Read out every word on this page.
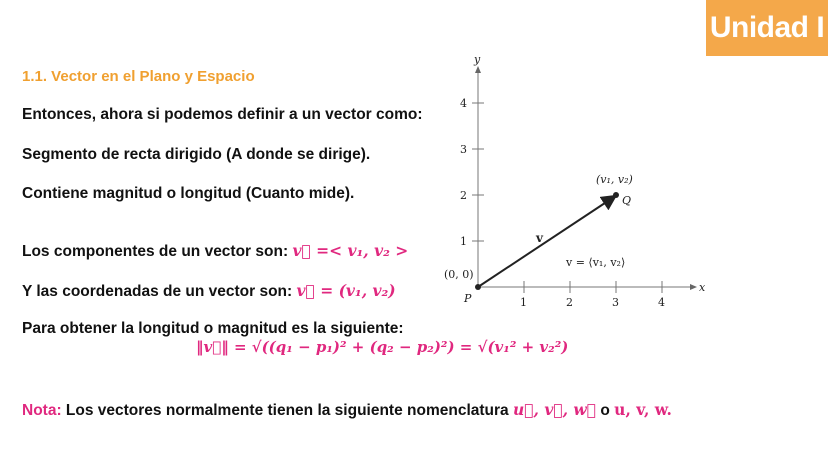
Unidad I
1.1. Vector en el Plano y Espacio
Entonces, ahora si podemos definir a un vector como:
Segmento de recta dirigido (A donde se dirige).
Contiene magnitud o longitud (Cuanto mide).
Los componentes de un vector son: v⃗ =< v₁, v₂ >
Y las coordenadas de un vector son: v⃗ = (v₁, v₂)
Para obtener la longitud o magnitud es la siguiente:
‖v⃗‖ = √((q₁ − p₁)² + (q₂ − p₂)²) = √(v₁² + v₂²)
Nota: Los vectores normalmente tienen la siguiente nomenclatura u⃗, v⃗, w⃗ o u, v, w.
x
y
1	2	3	4
1
2
3
4
(0, 0)
P
Q
(v₁, v₂)
v
v = ⟨v₁, v₂⟩
